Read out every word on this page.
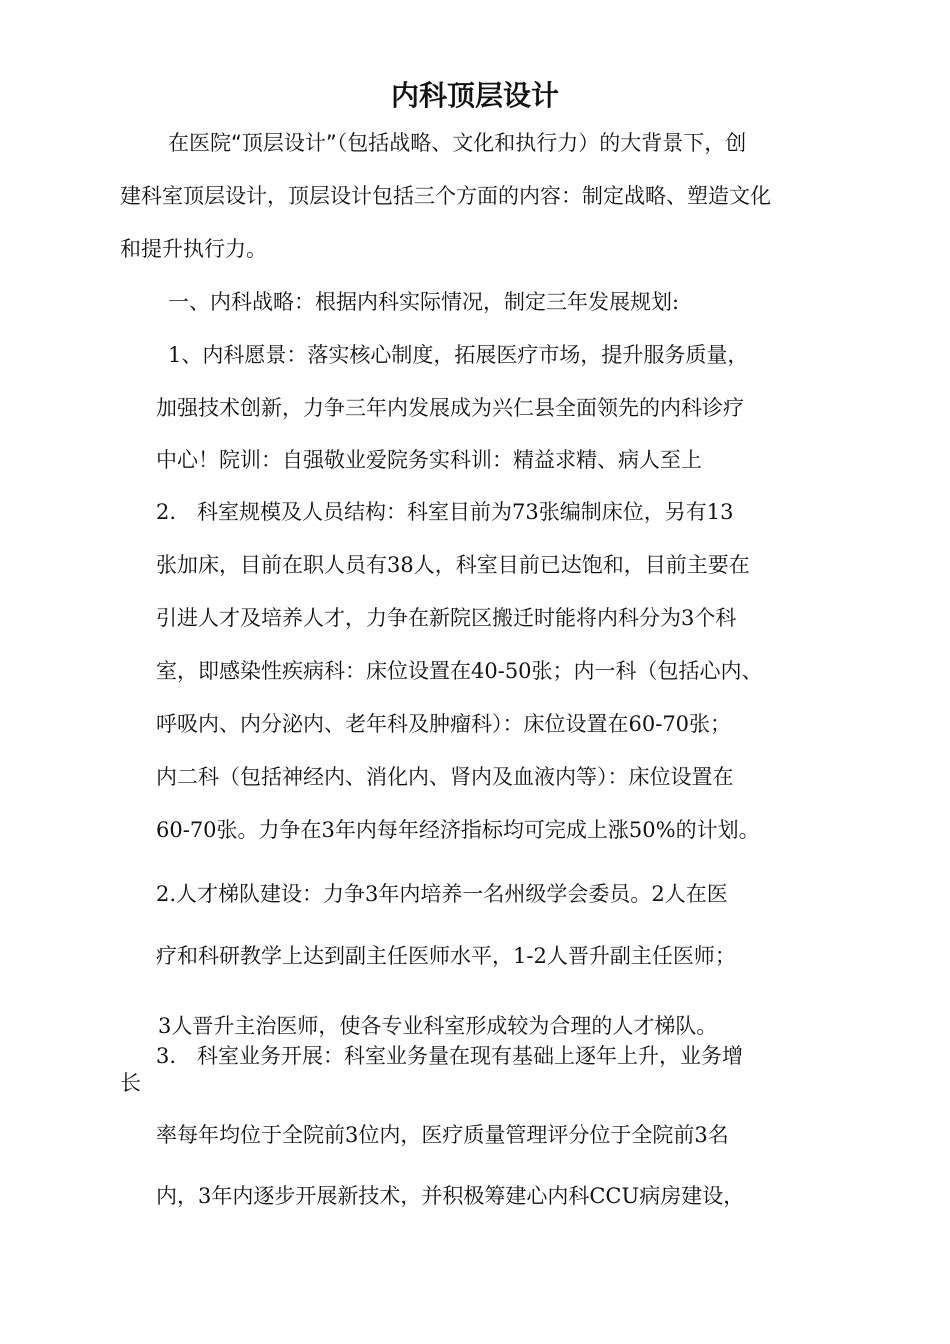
内科顶层设计
在医院“顶层设计”（包括战略、文化和执行力）的大背景下，创
建科室顶层设计，顶层设计包括三个方面的内容：制定战略、塑造文化
和提升执行力。
一、内科战略：根据内科实际情况，制定三年发展规划:
1、内科愿景：落实核心制度，拓展医疗市场，提升服务质量，
加强技术创新，力争三年内发展成为兴仁县全面领先的内科诊疗
中心！院训：自强敬业爱院务实科训：精益求精、病人至上
2.　科室规模及人员结构：科室目前为73张编制床位，另有13
张加床，目前在职人员有38人，科室目前已达饱和，目前主要在
引进人才及培养人才，力争在新院区搬迁时能将内科分为3个科
室，即感染性疾病科：床位设置在40-50张；内一科（包括心内、
呼吸内、内分泌内、老年科及肿瘤科）：床位设置在60-70张；
内二科（包括神经内、消化内、肾内及血液内等）：床位设置在
60-70张。力争在3年内每年经济指标均可完成上涨50%的计划。
2.人才梯队建设：力争3年内培养一名州级学会委员。2人在医
疗和科研教学上达到副主任医师水平，1-2人晋升副主任医师；
3人晋升主治医师，使各专业科室形成较为合理的人才梯队。
3.　科室业务开展：科室业务量在现有基础上逐年上升，业务增
长
率每年均位于全院前3位内，医疗质量管理评分位于全院前3名
内，3年内逐步开展新技术，并积极筹建心内科CCU病房建设，
